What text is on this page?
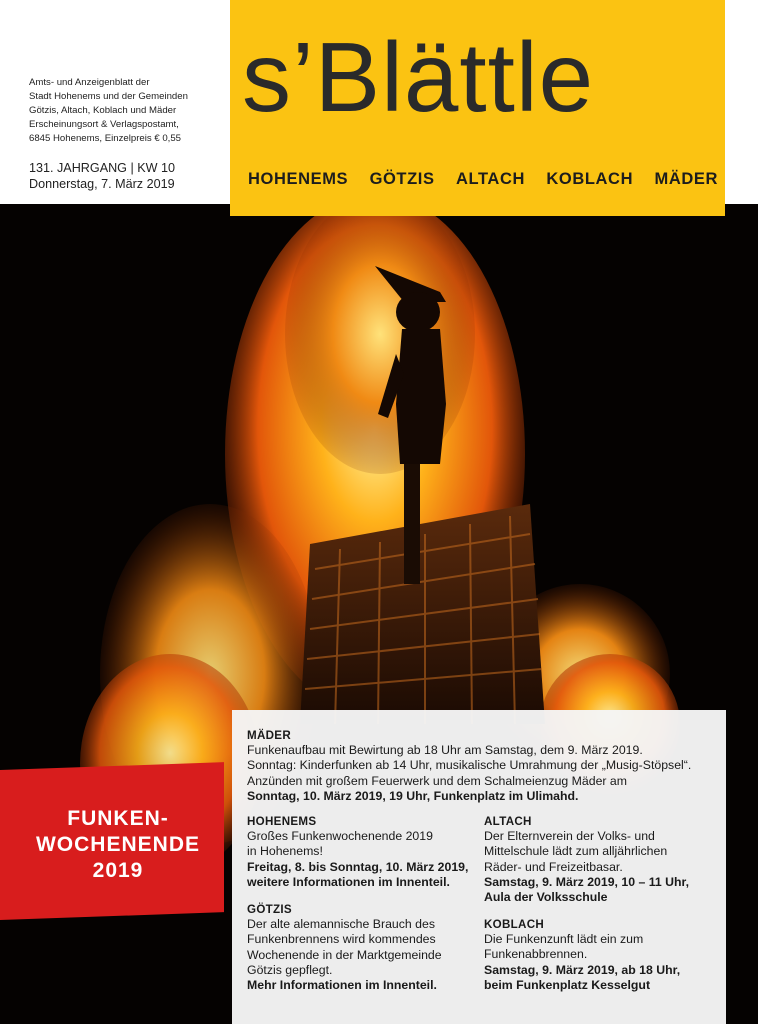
Amts- und Anzeigenblatt der
Stadt Hohenems und der Gemeinden
Götzis, Altach, Koblach und Mäder
Erscheinungsort & Verlagspostamt,
6845 Hohenems, Einzelpreis € 0,55
131. JAHRGANG | KW 10
Donnerstag, 7. März 2019
s’Blättle
HOHENEMS GÖTZIS ALTACH KOBLACH MÄDER
MÄDER
Funkenaufbau mit Bewirtung ab 18 Uhr am Samstag, dem 9. März 2019.
Sonntag: Kinderfunken ab 14 Uhr, musikalische Umrahmung der „Musig-Stöpsel“.
Anzünden mit großem Feuerwerk und dem Schalmeienzug Mäder am
Sonntag, 10. März 2019, 19 Uhr, Funkenplatz im Ulimahd.
HOHENEMS
Großes Funkenwochenende 2019
in Hohenems!
Freitag, 8. bis Sonntag, 10. März 2019,
weitere Informationen im Innenteil.
ALTACH
Der Elternverein der Volks- und
Mittelschule lädt zum alljährlichen
Räder- und Freizeitbasar.
Samstag, 9. März 2019, 10 – 11 Uhr,
Aula der Volksschule
GÖTZIS
Der alte alemannische Brauch des
Funkenbrennens wird kommendes
Wochenende in der Marktgemeinde
Götzis gepflegt.
Mehr Informationen im Innenteil.
KOBLACH
Die Funkenzunft lädt ein zum
Funkenabbrennen.
Samstag, 9. März 2019, ab 18 Uhr,
beim Funkenplatz Kesselgut
FUNKEN-
WOCHENENDE
2019
